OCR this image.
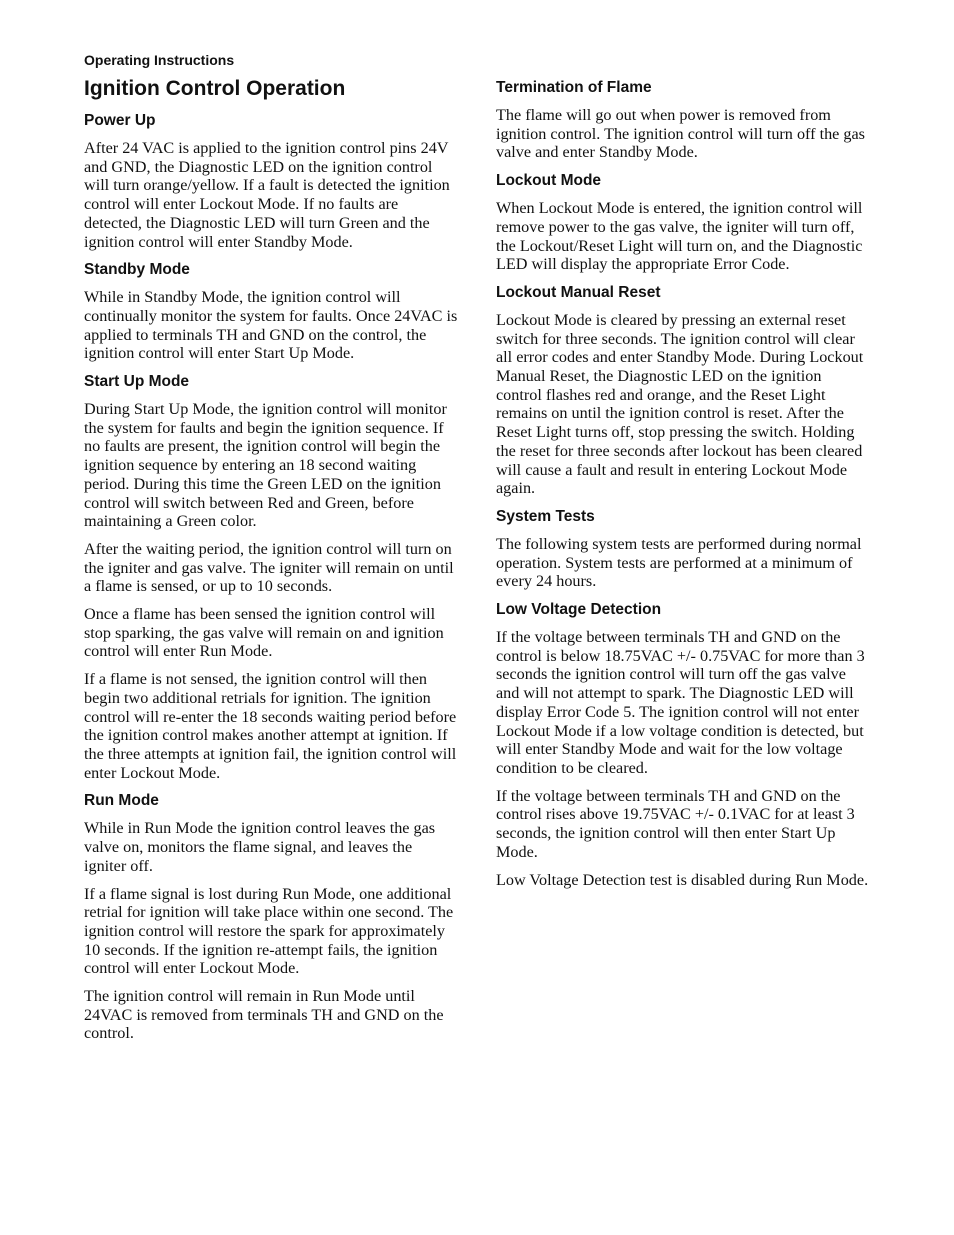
Operating Instructions
Ignition Control Operation
Power Up

After 24 VAC is applied to the ignition control pins 24V and GND, the Diagnostic LED on the ignition control will turn orange/yellow. If a fault is detected the ignition control will enter Lockout Mode. If no faults are detected, the Diagnostic LED will turn Green and the ignition control will enter Standby Mode.

Standby Mode

While in Standby Mode, the ignition control will continually monitor the system for faults. Once 24VAC is applied to terminals TH and GND on the control, the ignition control will enter Start Up Mode.

Start Up Mode

During Start Up Mode, the ignition control will monitor the system for faults and begin the ignition sequence. If no faults are present, the ignition control will begin the ignition sequence by entering an 18 second waiting period. During this time the Green LED on the ignition control will switch between Red and Green, before maintaining a Green color.

After the waiting period, the ignition control will turn on the igniter and gas valve. The igniter will remain on until a flame is sensed, or up to 10 seconds.

Once a flame has been sensed the ignition control will stop sparking, the gas valve will remain on and ignition control will enter Run Mode.

If a flame is not sensed, the ignition control will then begin two additional retrials for ignition. The ignition control will re-enter the 18 seconds waiting period before the ignition control makes another attempt at ignition. If the three attempts at ignition fail, the ignition control will enter Lockout Mode.

Run Mode

While in Run Mode the ignition control leaves the gas valve on, monitors the flame signal, and leaves the igniter off.

If a flame signal is lost during Run Mode, one additional retrial for ignition will take place within one second. The ignition control will restore the spark for approximately 10 seconds. If the ignition re-attempt fails, the ignition control will enter Lockout Mode.

The ignition control will remain in Run Mode until 24VAC is removed from terminals TH and GND on the control.

Termination of Flame

The flame will go out when power is removed from ignition control. The ignition control will turn off the gas valve and enter Standby Mode.

Lockout Mode

When Lockout Mode is entered, the ignition control will remove power to the gas valve, the igniter will turn off, the Lockout/Reset Light will turn on, and the Diagnostic LED will display the appropriate Error Code.

Lockout Manual Reset

Lockout Mode is cleared by pressing an external reset switch for three seconds. The ignition control will clear all error codes and enter Standby Mode. During Lockout Manual Reset, the Diagnostic LED on the ignition control flashes red and orange, and the Reset Light remains on until the ignition control is reset. After the Reset Light turns off, stop pressing the switch. Holding the reset for three seconds after lockout has been cleared will cause a fault and result in entering Lockout Mode again.

System Tests

The following system tests are performed during normal operation. System tests are performed at a minimum of every 24 hours.

Low Voltage Detection

If the voltage between terminals TH and GND on the control is below 18.75VAC +/- 0.75VAC for more than 3 seconds the ignition control will turn off the gas valve and will not attempt to spark. The Diagnostic LED will display Error Code 5. The ignition control will not enter Lockout Mode if a low voltage condition is detected, but will enter Standby Mode and wait for the low voltage condition to be cleared.

If the voltage between terminals TH and GND on the control rises above 19.75VAC +/- 0.1VAC for at least 3 seconds, the ignition control will then enter Start Up Mode.

Low Voltage Detection test is disabled during Run Mode.
